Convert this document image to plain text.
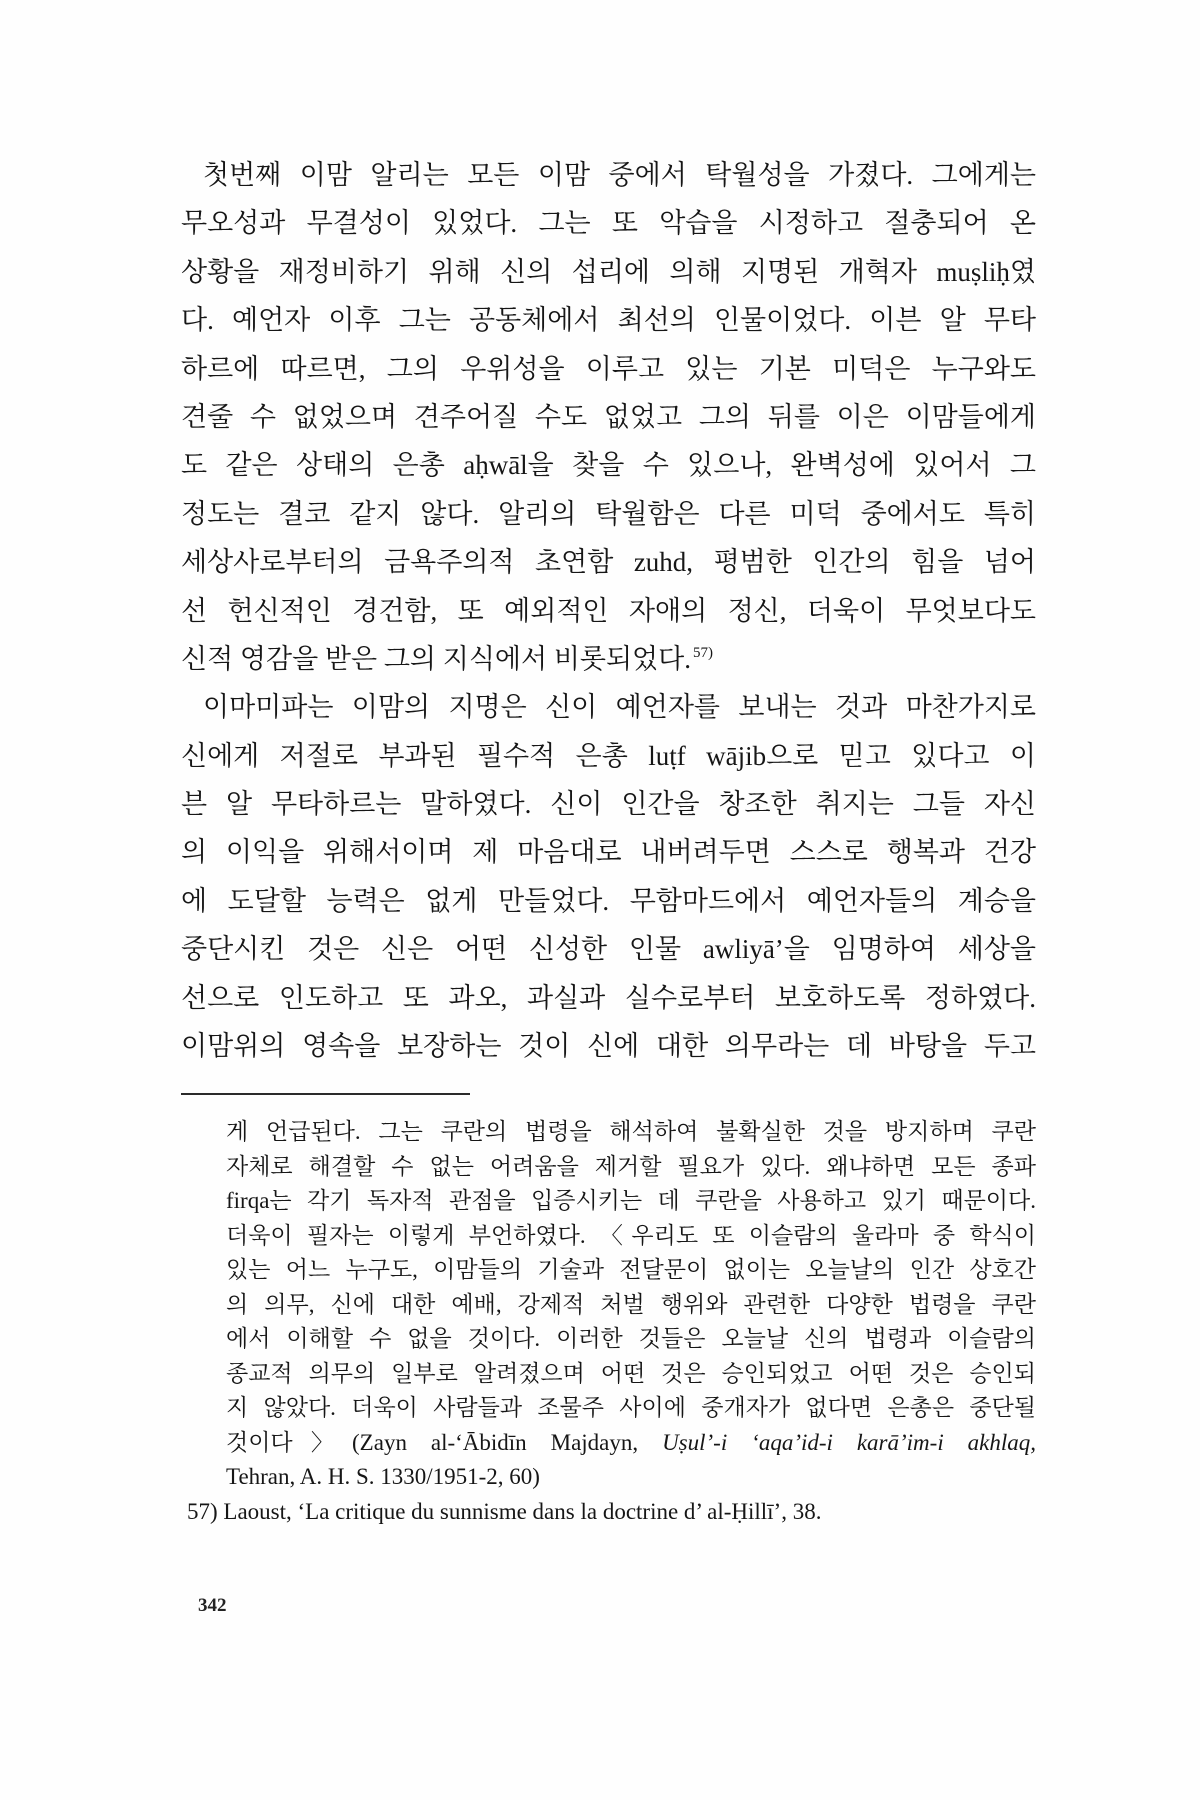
첫번째 이맘 알리는 모든 이맘 중에서 탁월성을 가졌다. 그에게는
무오성과 무결성이 있었다. 그는 또 악습을 시정하고 절충되어 온
상황을 재정비하기 위해 신의 섭리에 의해 지명된 개혁자 muṣliḥ였
다. 예언자 이후 그는 공동체에서 최선의 인물이었다. 이븐 알 무타
하르에 따르면, 그의 우위성을 이루고 있는 기본 미덕은 누구와도
견줄 수 없었으며 견주어질 수도 없었고 그의 뒤를 이은 이맘들에게
도 같은 상태의 은총 aḥwāl을 찾을 수 있으나, 완벽성에 있어서 그
정도는 결코 같지 않다. 알리의 탁월함은 다른 미덕 중에서도 특히
세상사로부터의 금욕주의적 초연함 zuhd, 평범한 인간의 힘을 넘어
선 헌신적인 경건함, 또 예외적인 자애의 정신, 더욱이 무엇보다도
신적 영감을 받은 그의 지식에서 비롯되었다. $^{57)}$
이마미파는 이맘의 지명은 신이 예언자를 보내는 것과 마찬가지로
신에게 저절로 부과된 필수적 은총 luṭf wājib으로 믿고 있다고 이
븐 알 무타하르는 말하였다. 신이 인간을 창조한 취지는 그들 자신
의 이익을 위해서이며 제 마음대로 내버려두면 스스로 행복과 건강
에 도달할 능력은 없게 만들었다. 무함마드에서 예언자들의 계승을
중단시킨 것은 신은 어떤 신성한 인물 awliyā’을 임명하여 세상을
선으로 인도하고 또 과오, 과실과 실수로부터 보호하도록 정하였다.
이맘위의 영속을 보장하는 것이 신에 대한 의무라는 데 바탕을 두고
게 언급된다. 그는 쿠란의 법령을 해석하여 불확실한 것을 방지하며 쿠란
자체로 해결할 수 없는 어려움을 제거할 필요가 있다. 왜냐하면 모든 종파
firqa는 각기 독자적 관점을 입증시키는 데 쿠란을 사용하고 있기 때문이다.
더욱이 필자는 이렇게 부언하였다. 〈우리도 또 이슬람의 울라마 중 학식이
있는 어느 누구도, 이맘들의 기술과 전달문이 없이는 오늘날의 인간 상호간
의 의무, 신에 대한 예배, 강제적 처벌 행위와 관련한 다양한 법령을 쿠란
에서 이해할 수 없을 것이다. 이러한 것들은 오늘날 신의 법령과 이슬람의
종교적 의무의 일부로 알려졌으며 어떤 것은 승인되었고 어떤 것은 승인되
지 않았다. 더욱이 사람들과 조물주 사이에 중개자가 없다면 은총은 중단될
것이다〉(Zayn al-‘Ābidīn Majdayn, Uṣul’-i ‘aqa’id-i karā’im-i akhlaq,
Tehran, A. H. S. 1330/1951-2, 60)
57) Laoust, ‘La critique du sunnisme dans la doctrine d’ al-Ḥillī’, 38.
342
